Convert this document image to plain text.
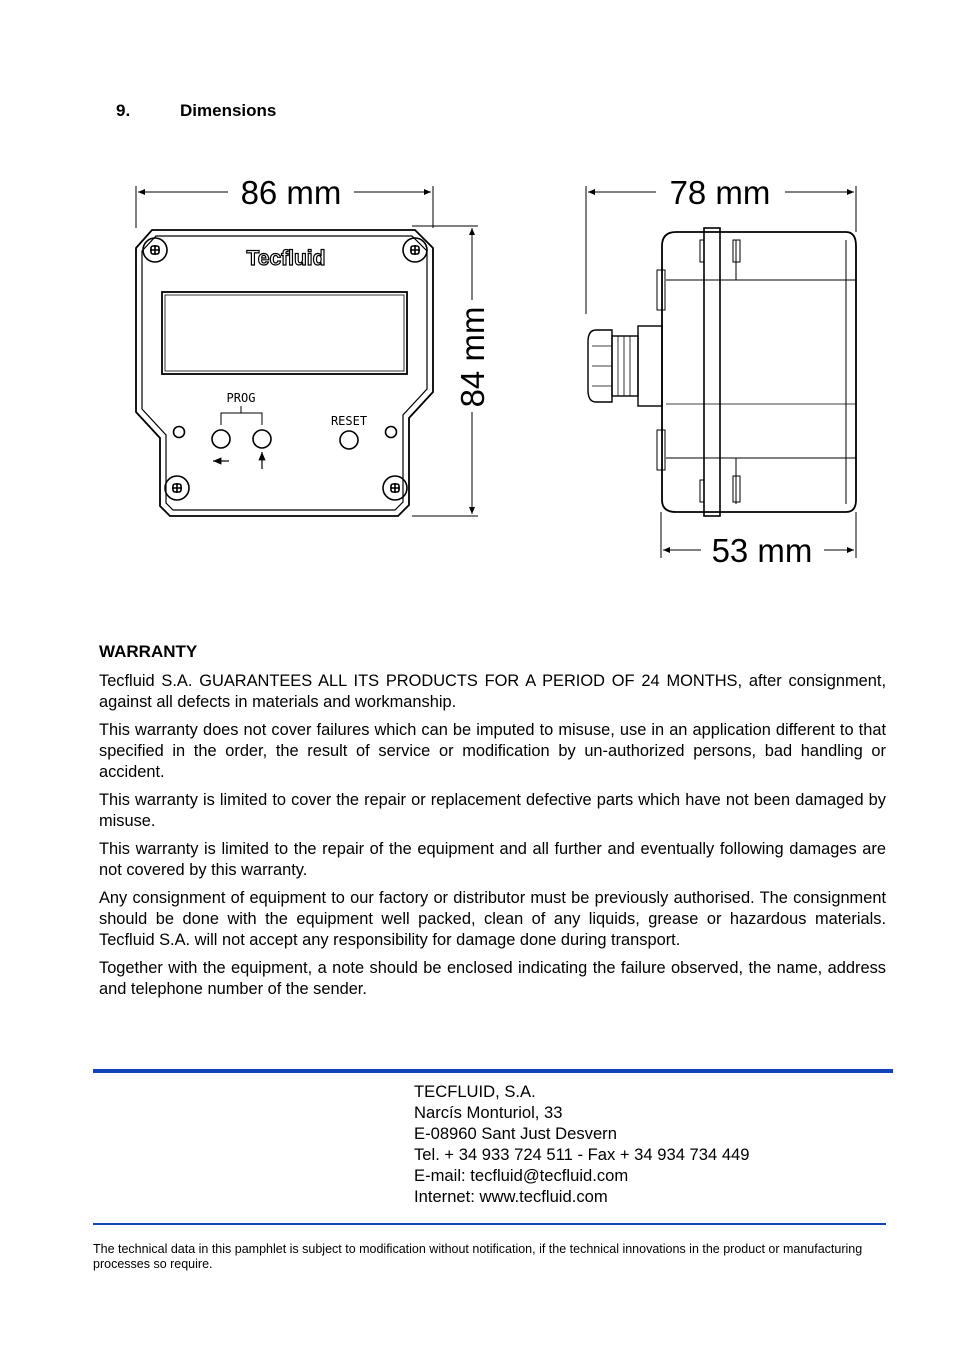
9.	Dimensions
86 mm
84 mm
Tecfluid
PROG
RESET
78 mm
53 mm
WARRANTY

Tecfluid S.A. GUARANTEES ALL ITS PRODUCTS FOR A PERIOD OF 24 MONTHS, after consignment, against all defects in materials and workmanship.

This warranty does not cover failures which can be imputed to misuse, use in an application different to that specified in the order, the result of service or modification by un-authorized persons, bad handling or accident.

This warranty is limited to cover the repair or replacement defective parts which have not been damaged by misuse.

This warranty is limited to the repair of the equipment and all further and eventually following damages are not covered by this warranty.

Any consignment of equipment to our factory or distributor must be previously authorised. The consignment should be done with the equipment well packed, clean of any liquids, grease or hazardous materials. Tecfluid S.A. will not accept any responsibility for damage done during transport.

Together with the equipment, a note should be enclosed indicating the failure observed, the name, address and telephone number of the sender.

TECFLUID, S.A.
Narcís Monturiol, 33
E-08960 Sant Just Desvern
Tel. + 34 933 724 511 - Fax + 34 934 734 449
E-mail: tecfluid@tecfluid.com
Internet: www.tecfluid.com
The technical data in this pamphlet is subject to modification without notification, if the technical innovations in the product or manufacturing processes so require.
